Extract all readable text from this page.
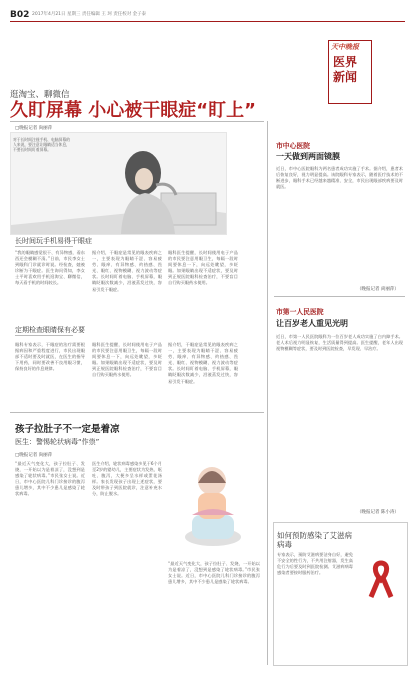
B02 2017年4月21日 星期三 责任编辑 王 珂 责任校对 金子泰
天中晚报
医界新闻
逛淘宝、聊微信
久盯屏幕 小心被干眼症“盯上”
□晚报记者 尚丽萍
对于长时间注视手机、电脑屏幕的人来说，要注意让眼睛适当休息，不要长时间盯着屏幕。
长时间玩手机易得干眼症
“我的眼睛感觉很干、有异物感，看东西还会模糊不清。”日前，市民李女士到眼科门诊就诊时说。经检查，她被诊断为干眼症。医生询问得知，李女士平时喜欢用手机逛淘宝、聊微信，每天看手机的时间较长。
据介绍，干眼症是常见的眼表疾病之一，主要表现为眼睛干涩、容易疲劳、眼痒、有异物感、灼热感、畏光、眼红、视物模糊、视力波动等症状。长时间盯着电脑、手机屏幕，眼睛眨眼次数减少，泪液蒸发过快，容易引发干眼症。
眼科医生提醒，长时间使用电子产品的市民要注意用眼卫生，每隔一段时间要休息一下，向远处眺望，多眨眼。如果眼睛出现不适症状，要及时到正规医院眼科检查治疗，不要盲目自行购买眼药水使用。
定期检查眼睛保有必要
眼科专家表示，干眼症的治疗需要根据病因和严重程度进行，市民出现眼部不适时要及时就医，在医生的指导下用药，同时要改善不良用眼习惯，保持良好的作息规律。
眼科医生提醒，长时间使用电子产品的市民要注意用眼卫生，每隔一段时间要休息一下，向远处眺望，多眨眼。如果眼睛出现不适症状，要及时到正规医院眼科检查治疗，不要盲目自行购买眼药水使用。
据介绍，干眼症是常见的眼表疾病之一，主要表现为眼睛干涩、容易疲劳、眼痒、有异物感、灼热感、畏光、眼红、视物模糊、视力波动等症状。长时间盯着电脑、手机屏幕，眼睛眨眼次数减少，泪液蒸发过快，容易引发干眼症。
孩子拉肚子不一定是着凉
医生：警惕轮状病毒“作祟”
□晚报记者 尚丽萍
“最近天气变化大，孩子拉肚子、发烧，一开始以为是着凉了，没想到是感染了轮状病毒。”市民张女士说。近日，市中心医院儿科门诊接诊的腹泻患儿增多，其中不少患儿是感染了轮状病毒。
医生介绍，轮状病毒感染多见于6个月至2岁的婴幼儿，主要症状为发热、呕吐、腹泻，大便多呈水样或蛋花汤样。家长发现孩子出现上述症状，要及时带孩子到医院就诊，注意补充水分，防止脱水。
“最近天气变化大，孩子拉肚子、发烧，一开始以为是着凉了，没想到是感染了轮状病毒。”市民张女士说。近日，市中心医院儿科门诊接诊的腹泻患儿增多，其中不少患儿是感染了轮状病毒。
市中心医院
一天做到两面镜膜
近日，市中心医院眼科为两名患者成功实施了手术。据介绍，患者术后恢复良好，视力明显提高。该院眼科专家表示，随着医疗技术的不断进步，眼科手术已经越来越精准、安全，市民出现眼部疾病要及时就医。
（晚报记者 尚丽萍）
市第一人民医院
让百岁老人重见光明
近日，市第一人民医院眼科为一位百岁老人成功实施了白内障手术。老人术后视力明显恢复，生活质量得到提高。医生提醒，老年人出现视物模糊等症状，要及时到医院检查，早发现、早治疗。
（晚报记者 陈小涛）
如何预防感染了艾滋病病毒
专家表示，预防艾滋病要洁身自好，避免不安全的性行为，不共用注射器，发生高危行为后要及时到医院检测。艾滋病病毒感染者要按时服药治疗。
